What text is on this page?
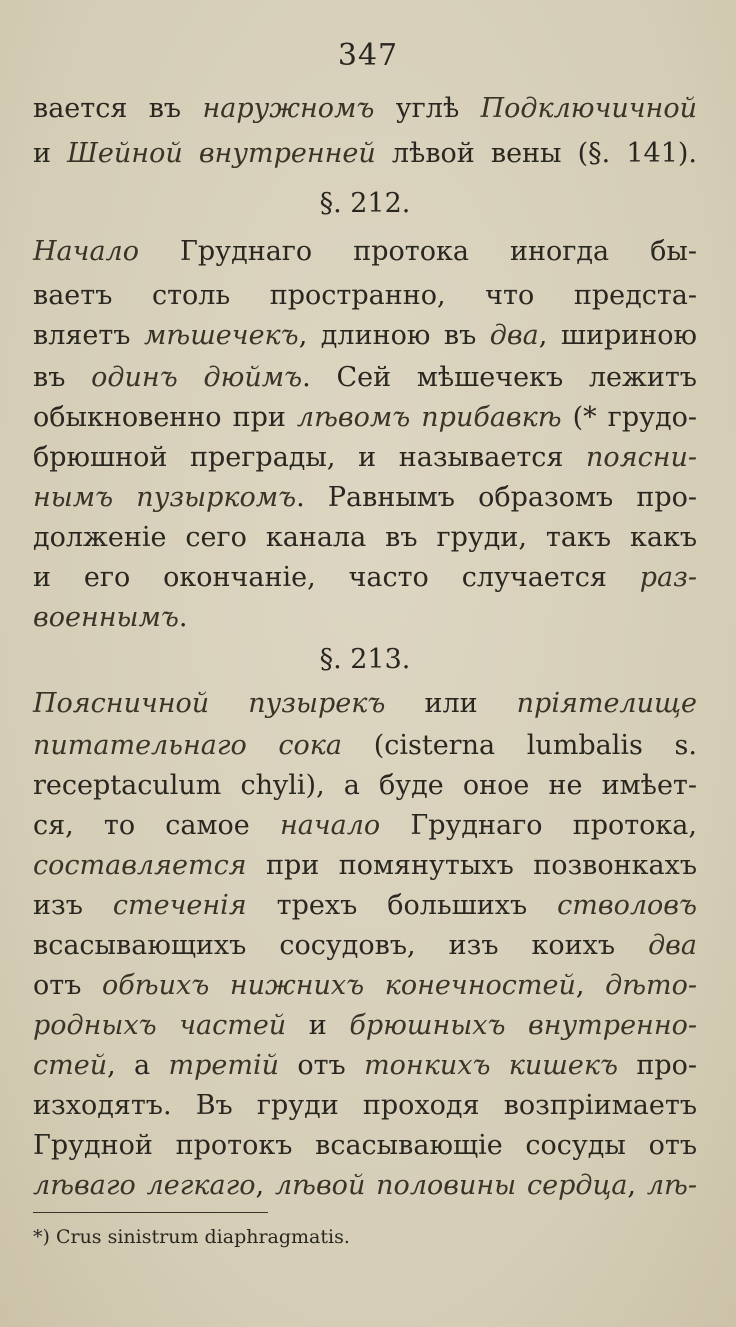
347
вается въ наружномъ углѣ Подключичной
и Шейной внутренней лѣвой вены (§. 141).
§. 212.
Начало Груднаго протока иногда бы-
ваетъ столь пространно, что предста-
вляетъ мѣшечекъ, длиною въ два, шириною
въ одинъ дюймъ. Сей мѣшечекъ лежитъ
обыкновенно при лѣвомъ прибавкѣ (* грудо-
брюшной преграды, и называется поясни-
нымъ пузыркомъ. Равнымъ образомъ про-
долженіе сего канала въ груди, такъ какъ
и его окончаніе, часто случается раз-
военнымъ.
§. 213.
Поясничной пузырекъ или пріятелище
питательнаго сока (cisterna lumbalis s.
receptaculum chyli), а буде оное не имѣет-
ся, то самое начало Груднаго протока,
составляется при помянутыхъ позвонкахъ
изъ стеченія трехъ большихъ стволовъ
всасывающихъ сосудовъ, изъ коихъ два
отъ обѣихъ нижнихъ конечностей, дѣто-
родныхъ частей и брюшныхъ внутренно-
стей, а третій отъ тонкихъ кишекъ про-
изходятъ. Въ груди проходя возпріимаетъ
Грудной протокъ всасывающіе сосуды отъ
лѣваго легкаго, лѣвой половины сердца, лѣ-
*) Crus sinistrum diaphragmatis.
